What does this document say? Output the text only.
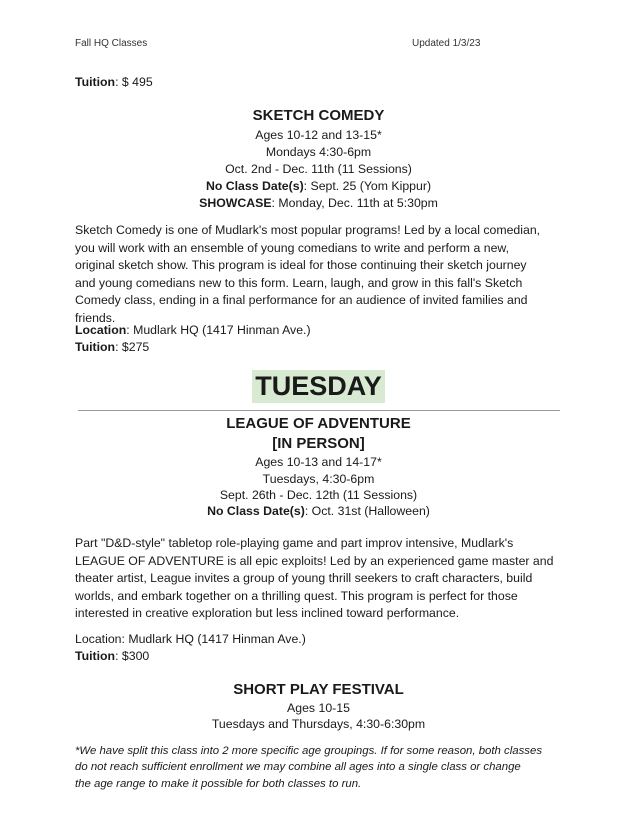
Fall HQ Classes	Updated 1/3/23
Tuition: $ 495
SKETCH COMEDY
Ages 10-12 and 13-15*
Mondays 4:30-6pm
Oct. 2nd - Dec. 11th (11 Sessions)
No Class Date(s): Sept. 25 (Yom Kippur)
SHOWCASE: Monday, Dec. 11th at 5:30pm
Sketch Comedy is one of Mudlark's most popular programs! Led by a local comedian,
you will work with an ensemble of young comedians to write and perform a new,
original sketch show. This program is ideal for those continuing their sketch journey
and young comedians new to this form. Learn, laugh, and grow in this fall's Sketch
Comedy class, ending in a final performance for an audience of invited families and
friends.
Location: Mudlark HQ (1417 Hinman Ave.)
Tuition: $275
TUESDAY
LEAGUE OF ADVENTURE
[IN PERSON]
Ages 10-13 and 14-17*
Tuesdays, 4:30-6pm
Sept. 26th - Dec. 12th (11 Sessions)
No Class Date(s): Oct. 31st (Halloween)
Part "D&D-style" tabletop role-playing game and part improv intensive, Mudlark's
LEAGUE OF ADVENTURE is all epic exploits! Led by an experienced game master and
theater artist, League invites a group of young thrill seekers to craft characters, build
worlds, and embark together on a thrilling quest. This program is perfect for those
interested in creative exploration but less inclined toward performance.
Location: Mudlark HQ (1417 Hinman Ave.)
Tuition: $300
SHORT PLAY FESTIVAL
Ages 10-15
Tuesdays and Thursdays, 4:30-6:30pm
*We have split this class into 2 more specific age groupings. If for some reason, both classes
do not reach sufficient enrollment we may combine all ages into a single class or change
the age range to make it possible for both classes to run.
